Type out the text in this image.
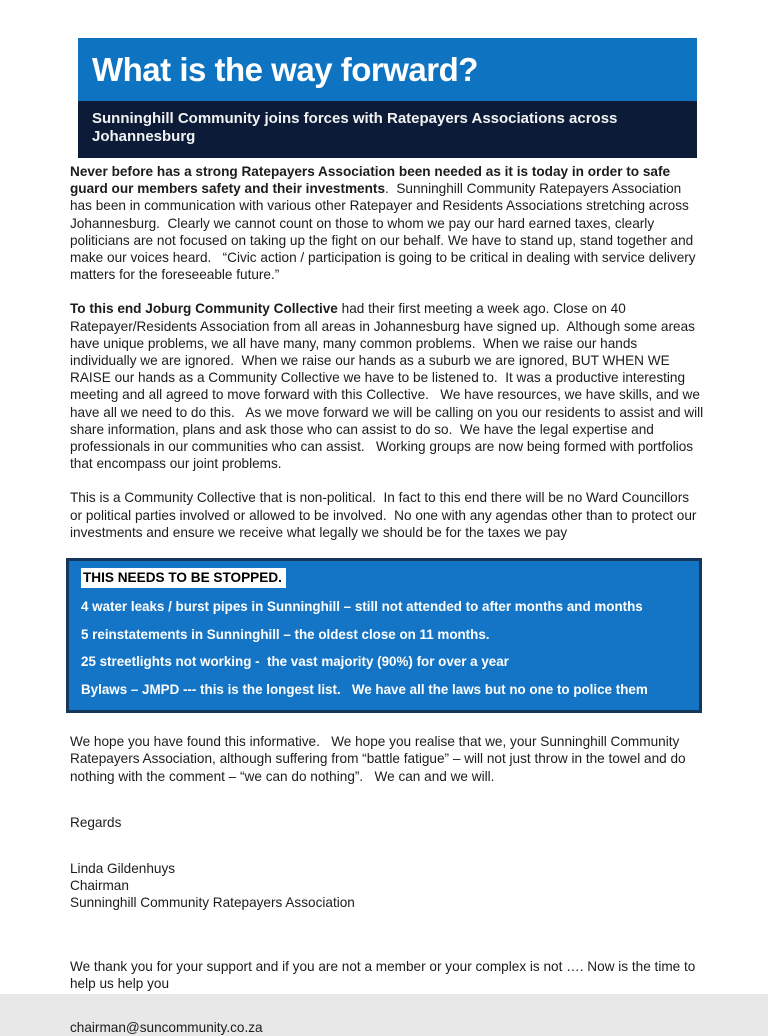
What is the way forward?
Sunninghill Community joins forces with Ratepayers Associations across Johannesburg
Never before has a strong Ratepayers Association been needed as it is today in order to safe guard our members safety and their investments.  Sunninghill Community Ratepayers Association has been in communication with various other Ratepayer and Residents Associations stretching across Johannesburg.  Clearly we cannot count on those to whom we pay our hard earned taxes, clearly politicians are not focused on taking up the fight on our behalf. We have to stand up, stand together and make our voices heard.   “Civic action / participation is going to be critical in dealing with service delivery matters for the foreseeable future.”
To this end Joburg Community Collective had their first meeting a week ago. Close on 40 Ratepayer/Residents Association from all areas in Johannesburg have signed up.  Although some areas have unique problems, we all have many, many common problems.  When we raise our hands individually we are ignored.  When we raise our hands as a suburb we are ignored, BUT WHEN WE RAISE our hands as a Community Collective we have to be listened to.  It was a productive interesting meeting and all agreed to move forward with this Collective.   We have resources, we have skills, and we have all we need to do this.   As we move forward we will be calling on you our residents to assist and will share information, plans and ask those who can assist to do so.  We have the legal expertise and professionals in our communities who can assist.   Working groups are now being formed with portfolios that encompass our joint problems.
This is a Community Collective that is non-political.  In fact to this end there will be no Ward Councillors or political parties involved or allowed to be involved.  No one with any agendas other than to protect our investments and ensure we receive what legally we should be for the taxes we pay
THIS NEEDS TO BE STOPPED.
4 water leaks / burst pipes in Sunninghill – still not attended to after months and months
5 reinstatements in Sunninghill – the oldest close on 11 months.
25 streetlights not working -  the vast majority (90%) for over a year
Bylaws – JMPD --- this is the longest list.   We have all the laws but no one to police them
We hope you have found this informative.   We hope you realise that we, your Sunninghill Community Ratepayers Association, although suffering from “battle fatigue” – will not just throw in the towel and do nothing with the comment – “we can do nothing”.   We can and we will.
Regards
Linda Gildenhuys
Chairman
Sunninghill Community Ratepayers Association
We thank you for your support and if you are not a member or your complex is not …. Now is the time to help us help you
chairman@suncommunity.co.za
